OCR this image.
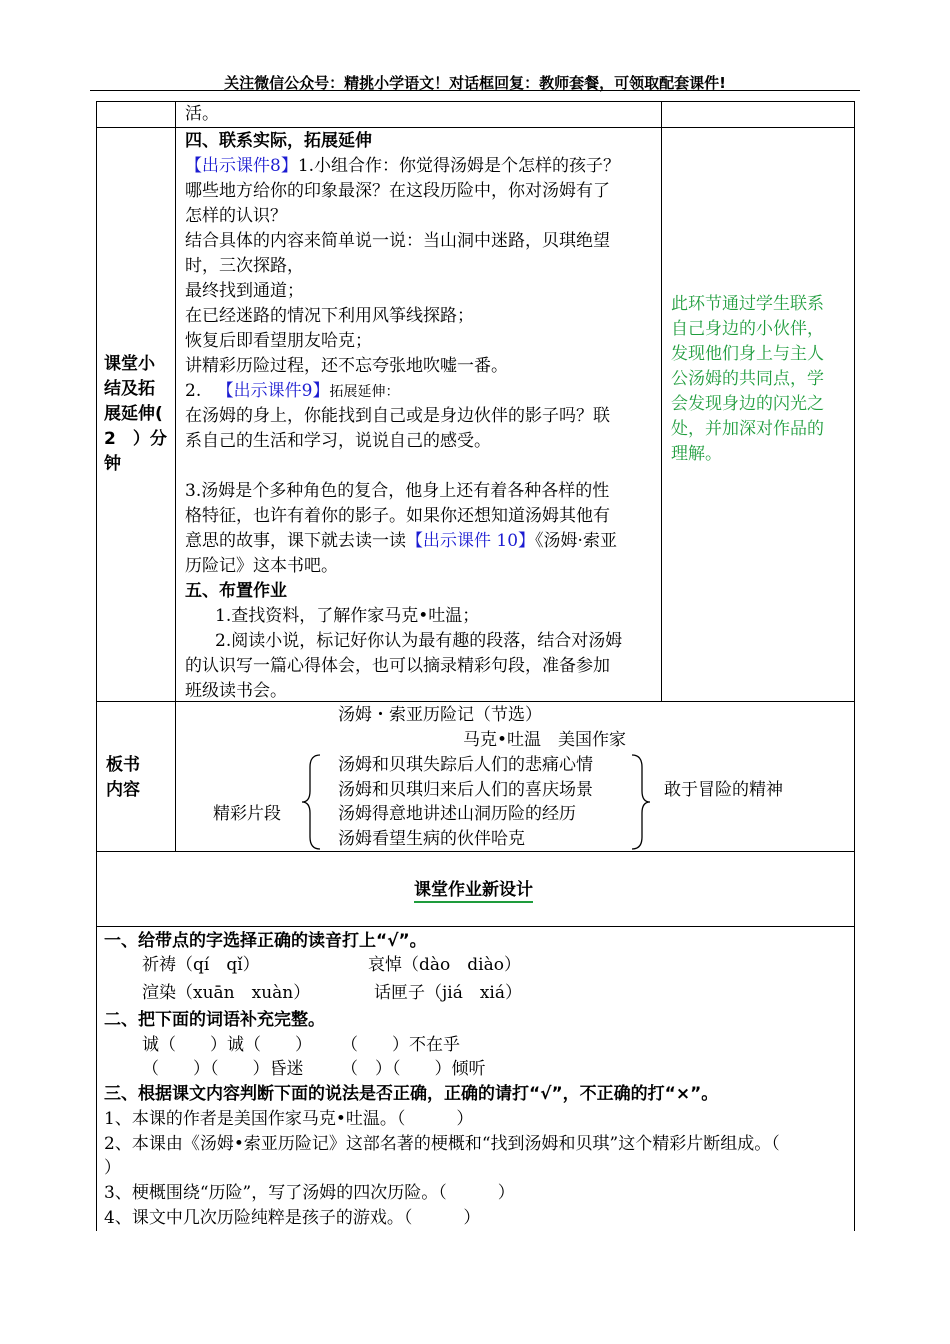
关注微信公众号：精挑小学语文！对话框回复：教师套餐，可领取配套课件!
活。
课堂小
结及拓
展延伸(
2　）分
钟
四、联系实际，拓展延伸
【出示课件8】1.小组合作：你觉得汤姆是个怎样的孩子？
哪些地方给你的印象最深？在这段历险中，你对汤姆有了
怎样的认识？
结合具体的内容来简单说一说：当山洞中迷路，贝琪绝望
时，三次探路，
最终找到通道；
在已经迷路的情况下利用风筝线探路；
恢复后即看望朋友哈克；
讲精彩历险过程，还不忘夸张地吹嘘一番。
2. 【出示课件9】拓展延伸：
在汤姆的身上，你能找到自己或是身边伙伴的影子吗？联
系自己的生活和学习，说说自己的感受。
3.汤姆是个多种角色的复合，他身上还有着各种各样的性
格特征，也许有着你的影子。如果你还想知道汤姆其他有
意思的故事，课下就去读一读【出示课件 10】《汤姆·索亚
历险记》这本书吧。
五、布置作业
1.查找资料，了解作家马克•吐温；
2.阅读小说，标记好你认为最有趣的段落，结合对汤姆
的认识写一篇心得体会，也可以摘录精彩句段，准备参加
班级读书会。
此环节通过学生联系
自己身边的小伙伴，
发现他们身上与主人
公汤姆的共同点，学
会发现身边的闪光之
处，并加深对作品的
理解。
板书
内容
汤姆・索亚历险记（节选）
马克•吐温　美国作家
精彩片段
汤姆和贝琪失踪后人们的悲痛心情
汤姆和贝琪归来后人们的喜庆场景
汤姆得意地讲述山洞历险的经历
汤姆看望生病的伙伴哈克
敢于冒险的精神
课堂作业新设计
一、给带点的字选择正确的读音打上“√”。
祈祷（qí　qǐ）	哀悼（dào　diào）
渲染（xuān　xuàn）	话匣子（jiá　xiá）
二、把下面的词语补充完整。
诚（　　）诚（　　） （　　）不在乎
（　　）（　　）昏迷 （　）（　　）倾听
三、根据课文内容判断下面的说法是否正确，正确的请打“√”，不正确的打“×”。
1、本课的作者是美国作家马克•吐温。（　　　）
2、本课由《汤姆•索亚历险记》这部名著的梗概和“找到汤姆和贝琪”这个精彩片断组成。（
）
3、梗概围绕“历险”，写了汤姆的四次历险。（　　　）
4、课文中几次历险纯粹是孩子的游戏。（　　　）
